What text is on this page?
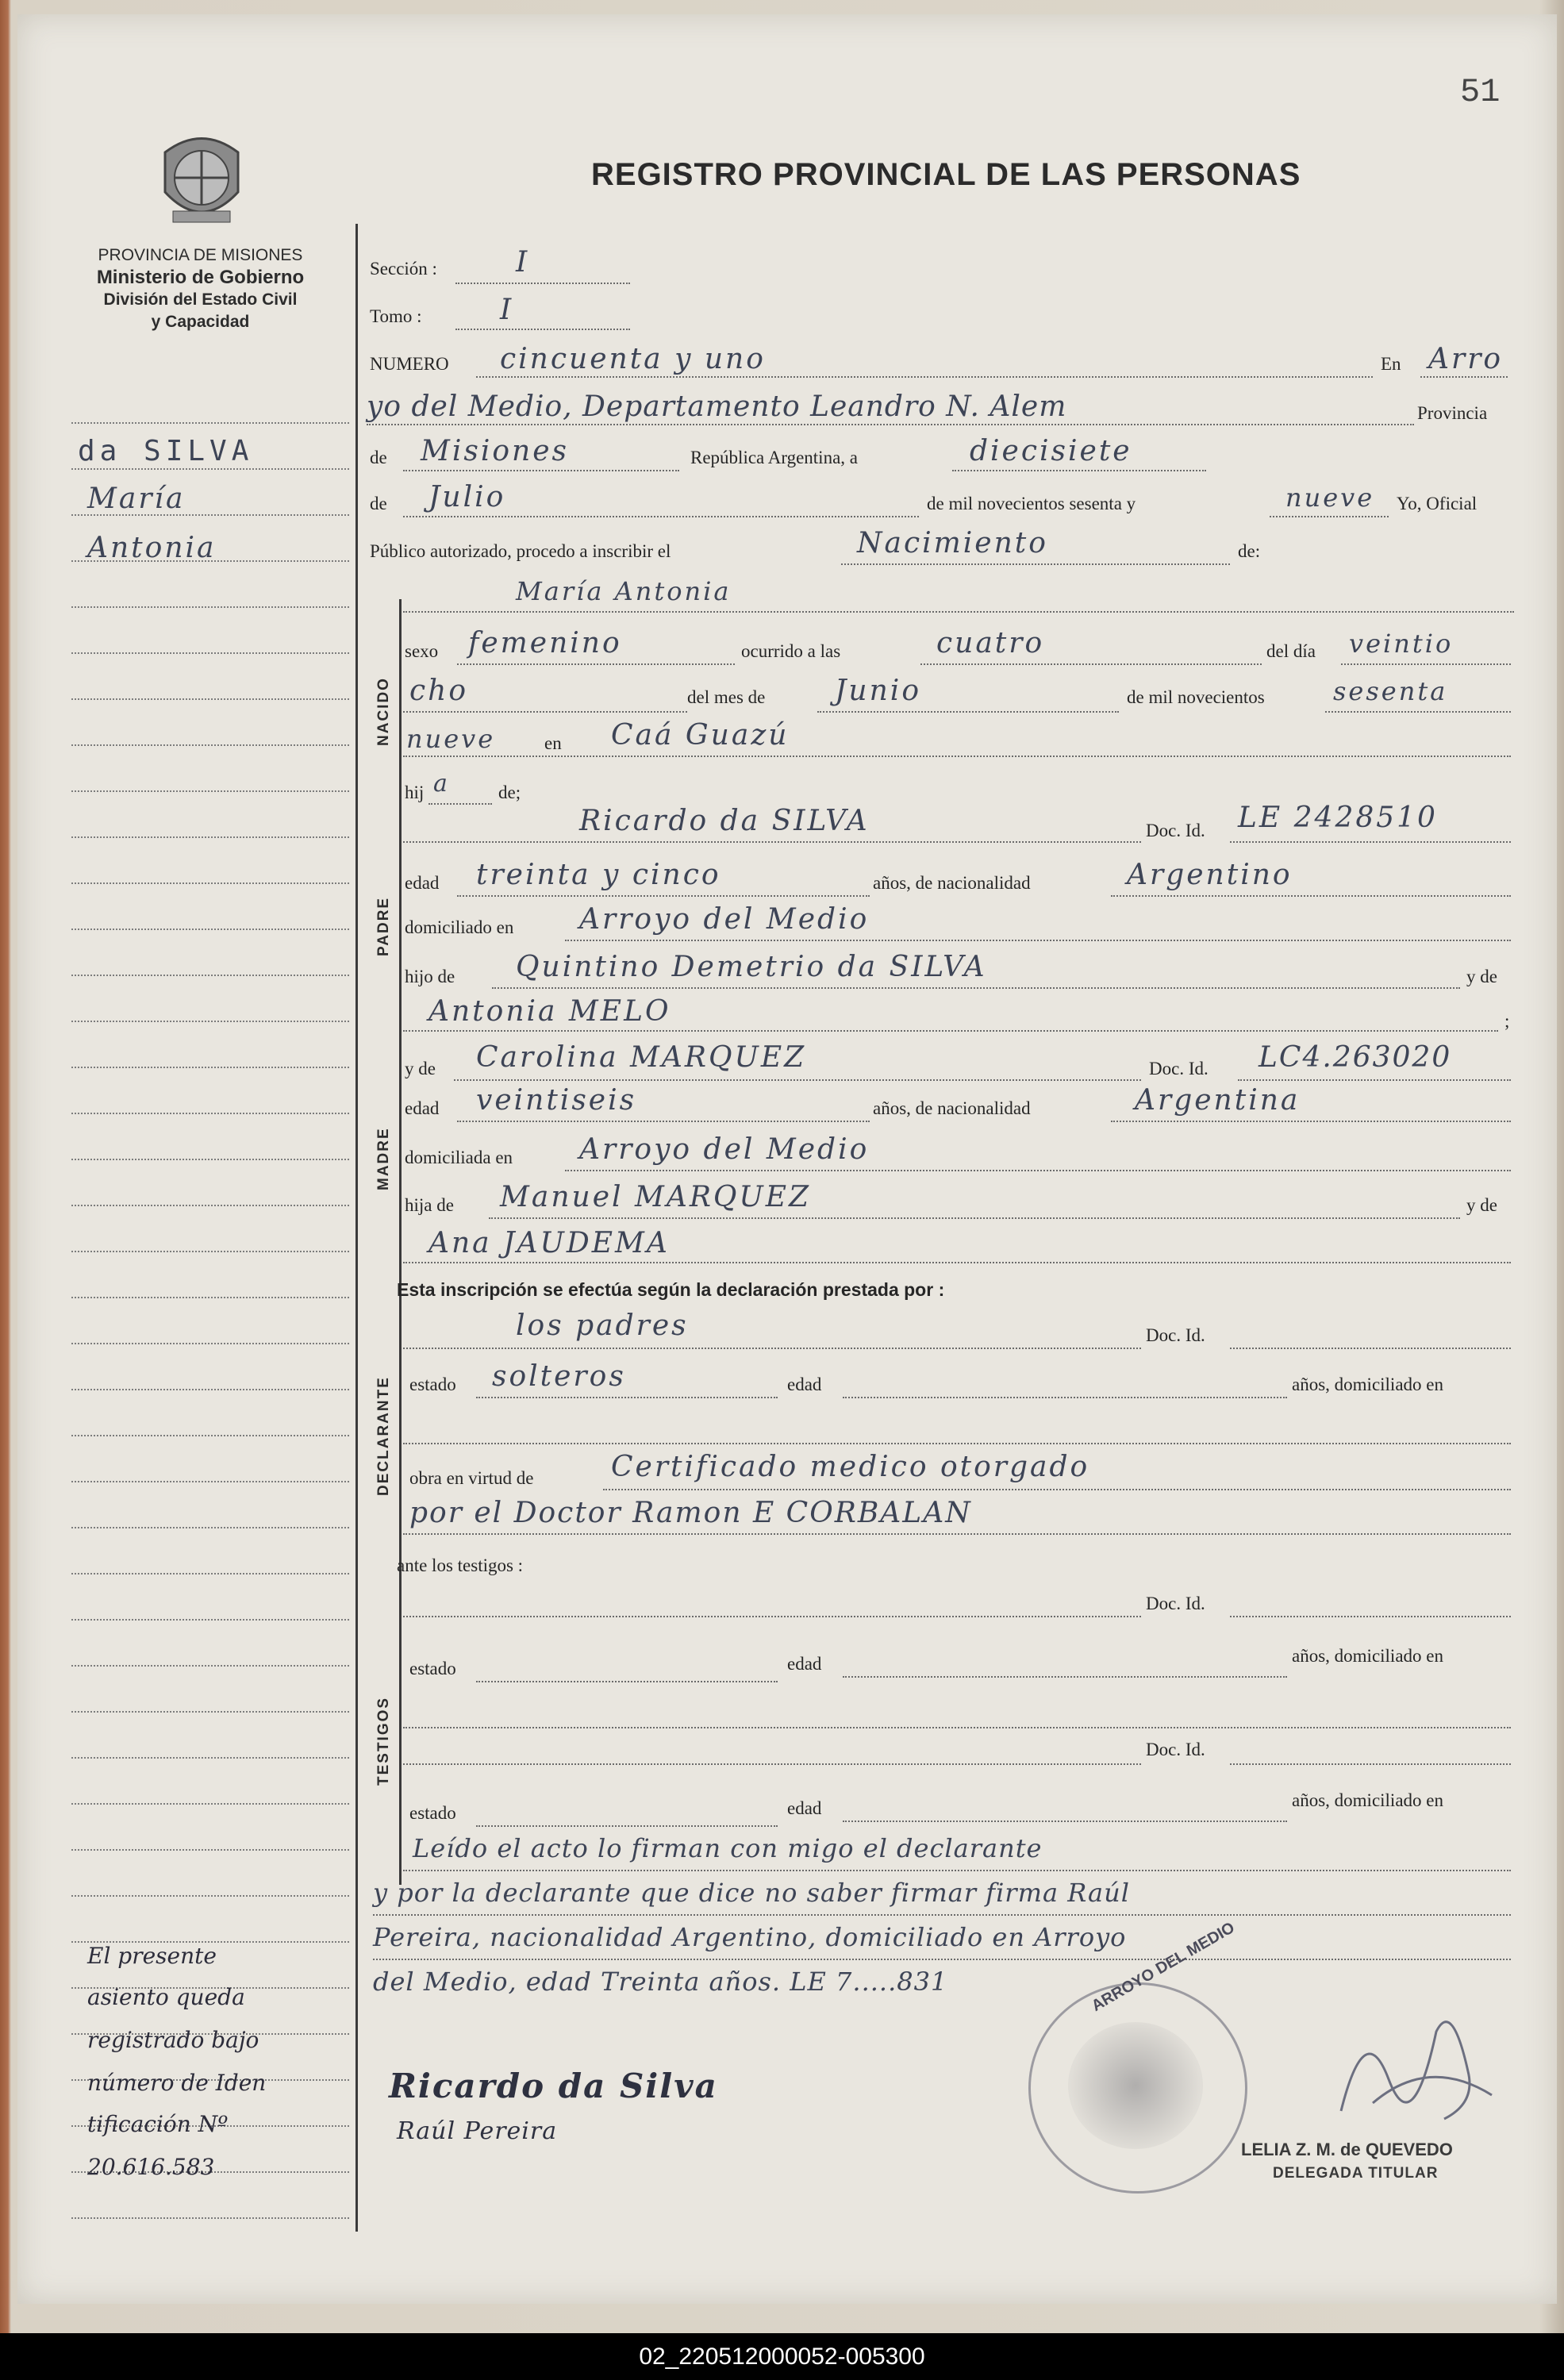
51
REGISTRO PROVINCIAL DE LAS PERSONAS
PROVINCIA DE MISIONES
Ministerio de Gobierno
División del Estado Civil
y Capacidad
da SILVA
María
Antonia
El presente
asiento queda
registrado bajo
número de Iden
tificación Nº
20.616.583
NACIDO
PADRE
MADRE
DECLARANTE
TESTIGOS
Sección :	I
Tomo :	I
NUMERO cincuenta y uno	En Arro
yo del Medio, Departamento Leandro N. Alem	Provincia
de Misiones	República Argentina, a	diecisiete
de Julio	de mil novecientos sesenta y	nueve Yo, Oficial
Público autorizado, procedo a inscribir el	Nacimiento	de:
María Antonia
sexo femenino	ocurrido a las	cuatro	del día veintio
cho	del mes de Junio	de mil novecientos	sesenta
nueve	en Caá Guazú
hij a	de;
Ricardo da SILVA	Doc. Id. LE 2428510
edad treinta y cinco	años, de nacionalidad	Argentino
domiciliado en Arroyo del Medio
hijo de Quintino Demetrio da SILVA	y de
Antonia MELO	;
y de Carolina MARQUEZ	Doc. Id. LC4.263020
edad veintiseis	años, de nacionalidad	Argentina
domiciliada en Arroyo del Medio
hija de Manuel MARQUEZ	y de
Ana JAUDEMA
Esta inscripción se efectúa según la declaración prestada por :
los padres	Doc. Id.
estado solteros	edad	años, domiciliado en
obra en virtud de	Certificado medico otorgado
por el Doctor Ramon E CORBALAN
ante los testigos :
Doc. Id.
estado	edad	años, domiciliado en
Doc. Id.
estado	edad	años, domiciliado en
Leído el acto lo firman con migo el declarante
y por la declarante que dice no saber firmar firma Raúl
Pereira, nacionalidad Argentino, domiciliado en Arroyo
del Medio, edad Treinta años. LE 7.....831
Ricardo da Silva
Raúl Pereira
ARROYO DEL MEDIO
LELIA Z. M. de QUEVEDO
DELEGADA TITULAR
02_220512000052-005300
